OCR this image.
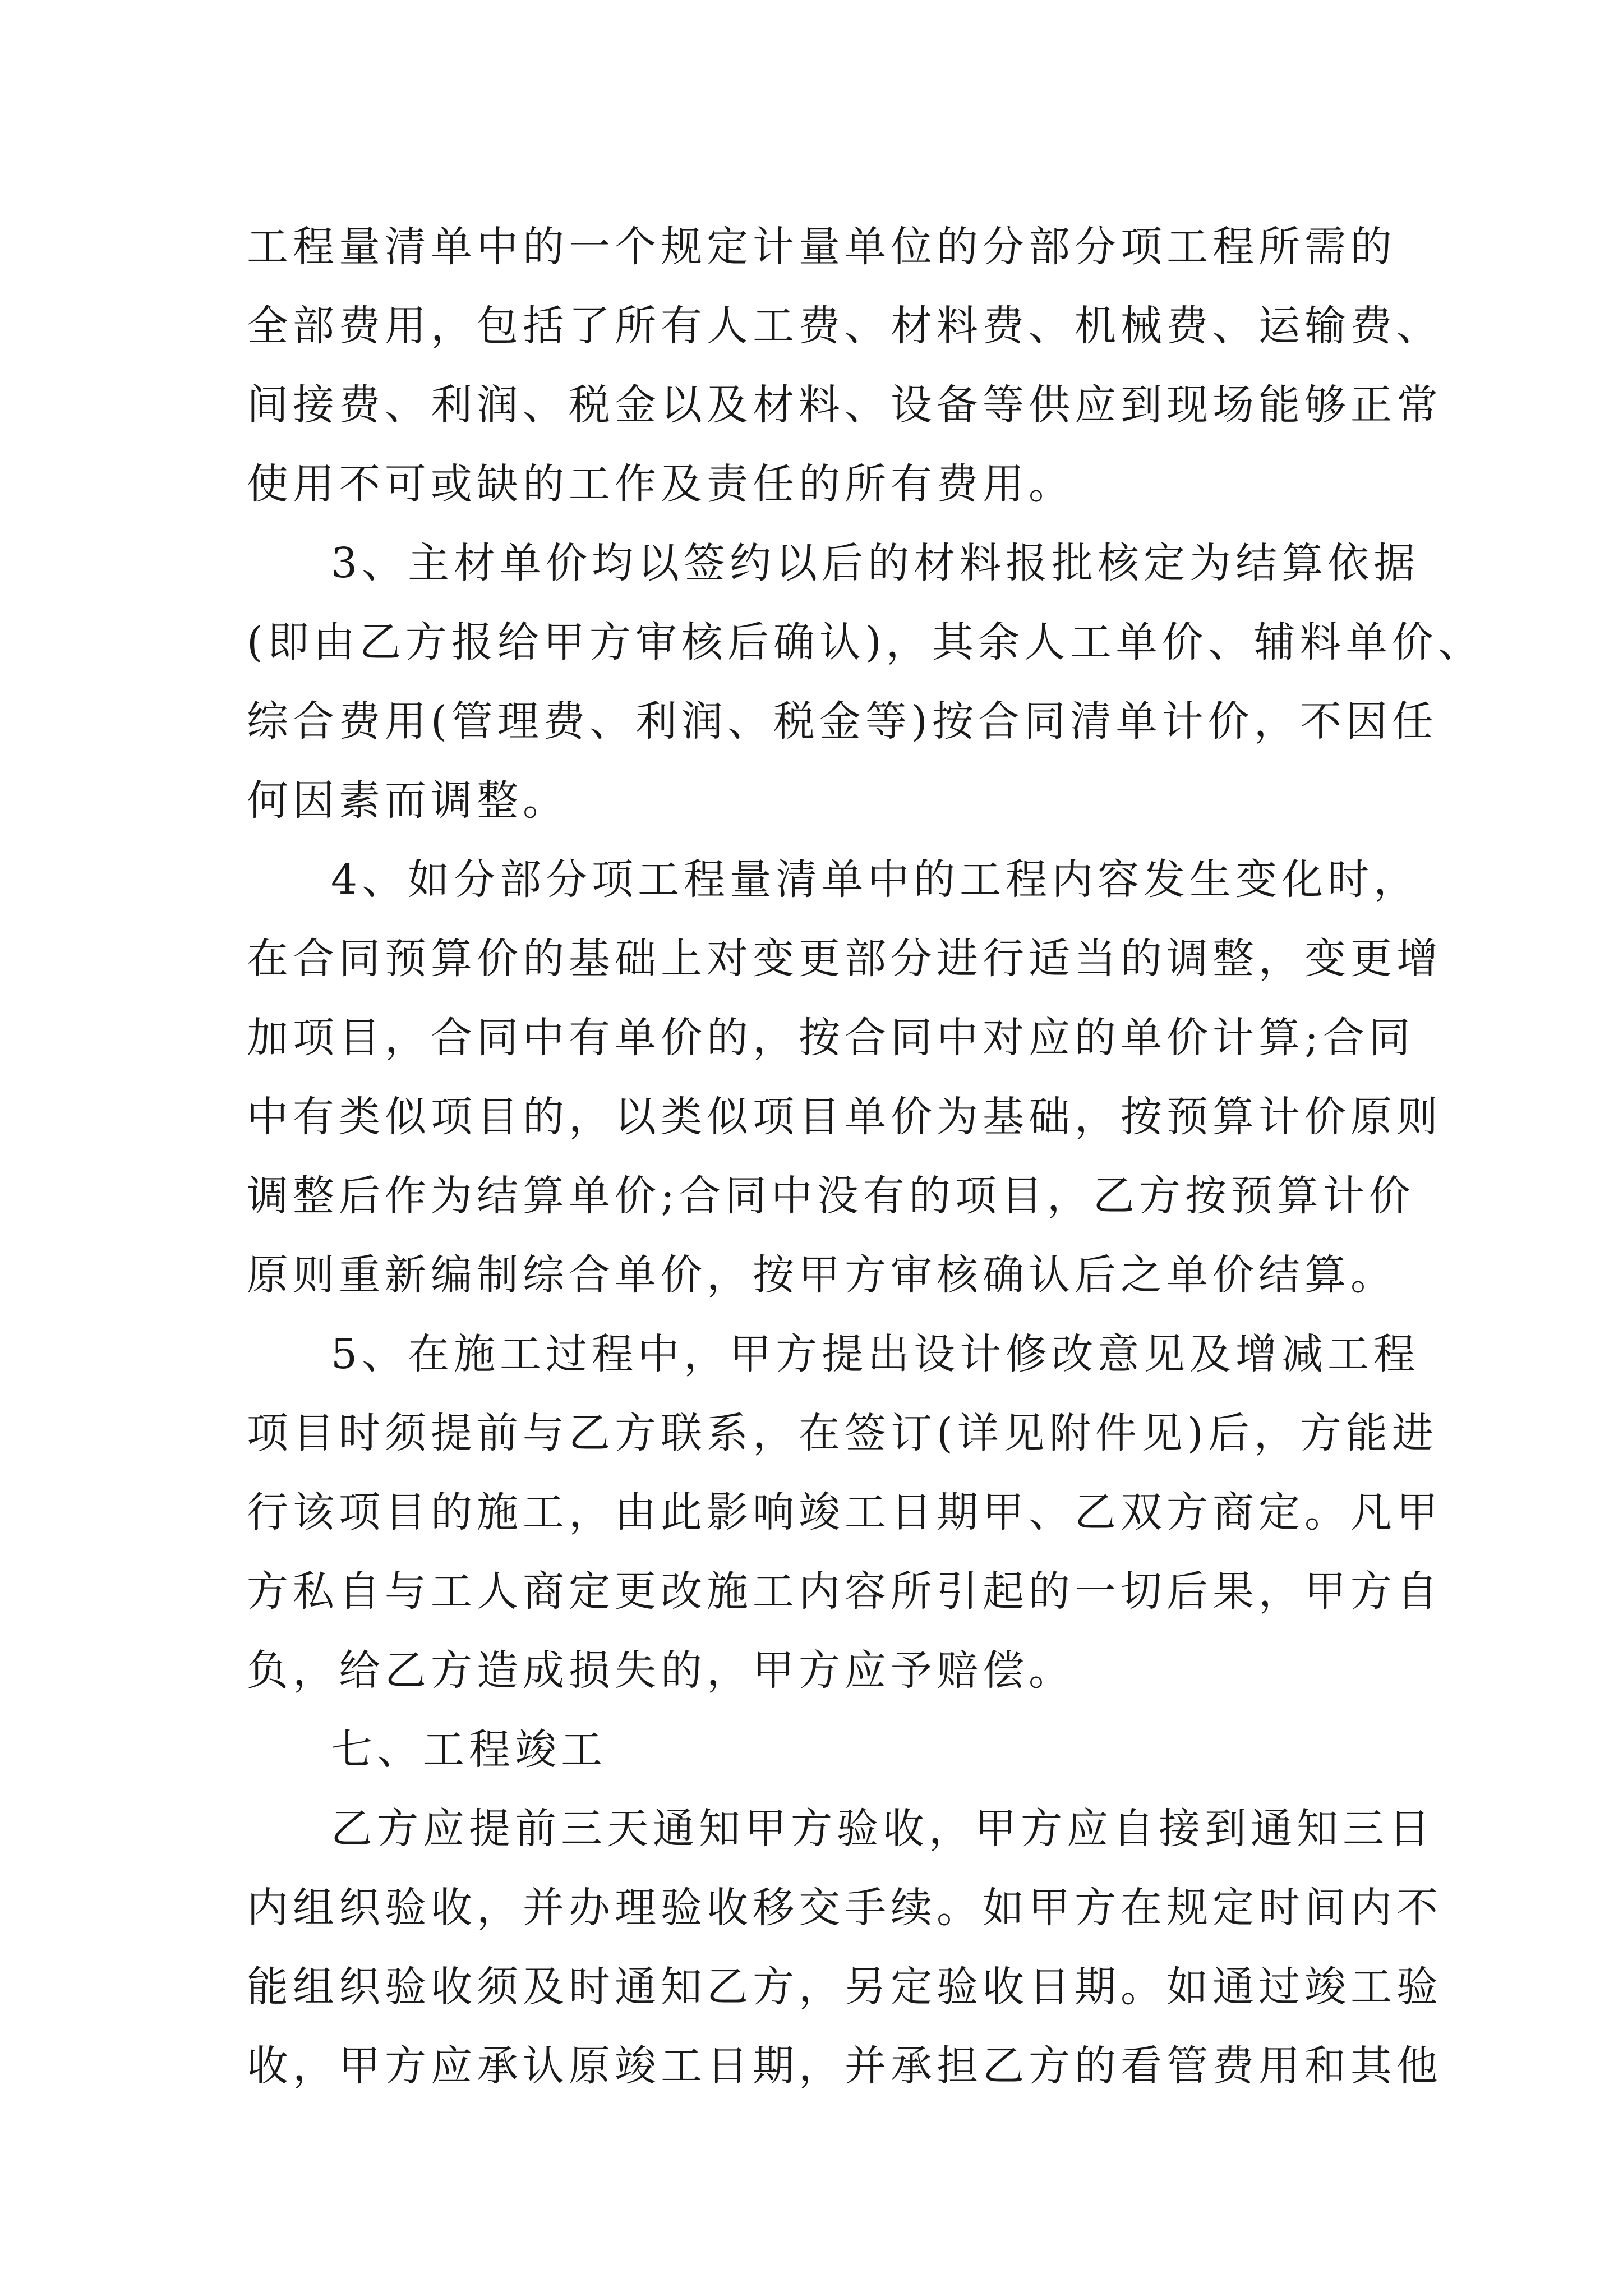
工程量清单中的一个规定计量单位的分部分项工程所需的
全部费用，包括了所有人工费、材料费、机械费、运输费、
间接费、利润、税金以及材料、设备等供应到现场能够正常
使用不可或缺的工作及责任的所有费用。
3、主材单价均以签约以后的材料报批核定为结算依据
(即由乙方报给甲方审核后确认)，其余人工单价、辅料单价、
综合费用(管理费、利润、税金等)按合同清单计价，不因任
何因素而调整。
4、如分部分项工程量清单中的工程内容发生变化时，
在合同预算价的基础上对变更部分进行适当的调整，变更增
加项目，合同中有单价的，按合同中对应的单价计算;合同
中有类似项目的，以类似项目单价为基础，按预算计价原则
调整后作为结算单价;合同中没有的项目，乙方按预算计价
原则重新编制综合单价，按甲方审核确认后之单价结算。
5、在施工过程中，甲方提出设计修改意见及增减工程
项目时须提前与乙方联系，在签订(详见附件见)后，方能进
行该项目的施工，由此影响竣工日期甲、乙双方商定。凡甲
方私自与工人商定更改施工内容所引起的一切后果，甲方自
负，给乙方造成损失的，甲方应予赔偿。
七、工程竣工
乙方应提前三天通知甲方验收，甲方应自接到通知三日
内组织验收，并办理验收移交手续。如甲方在规定时间内不
能组织验收须及时通知乙方，另定验收日期。如通过竣工验
收，甲方应承认原竣工日期，并承担乙方的看管费用和其他
